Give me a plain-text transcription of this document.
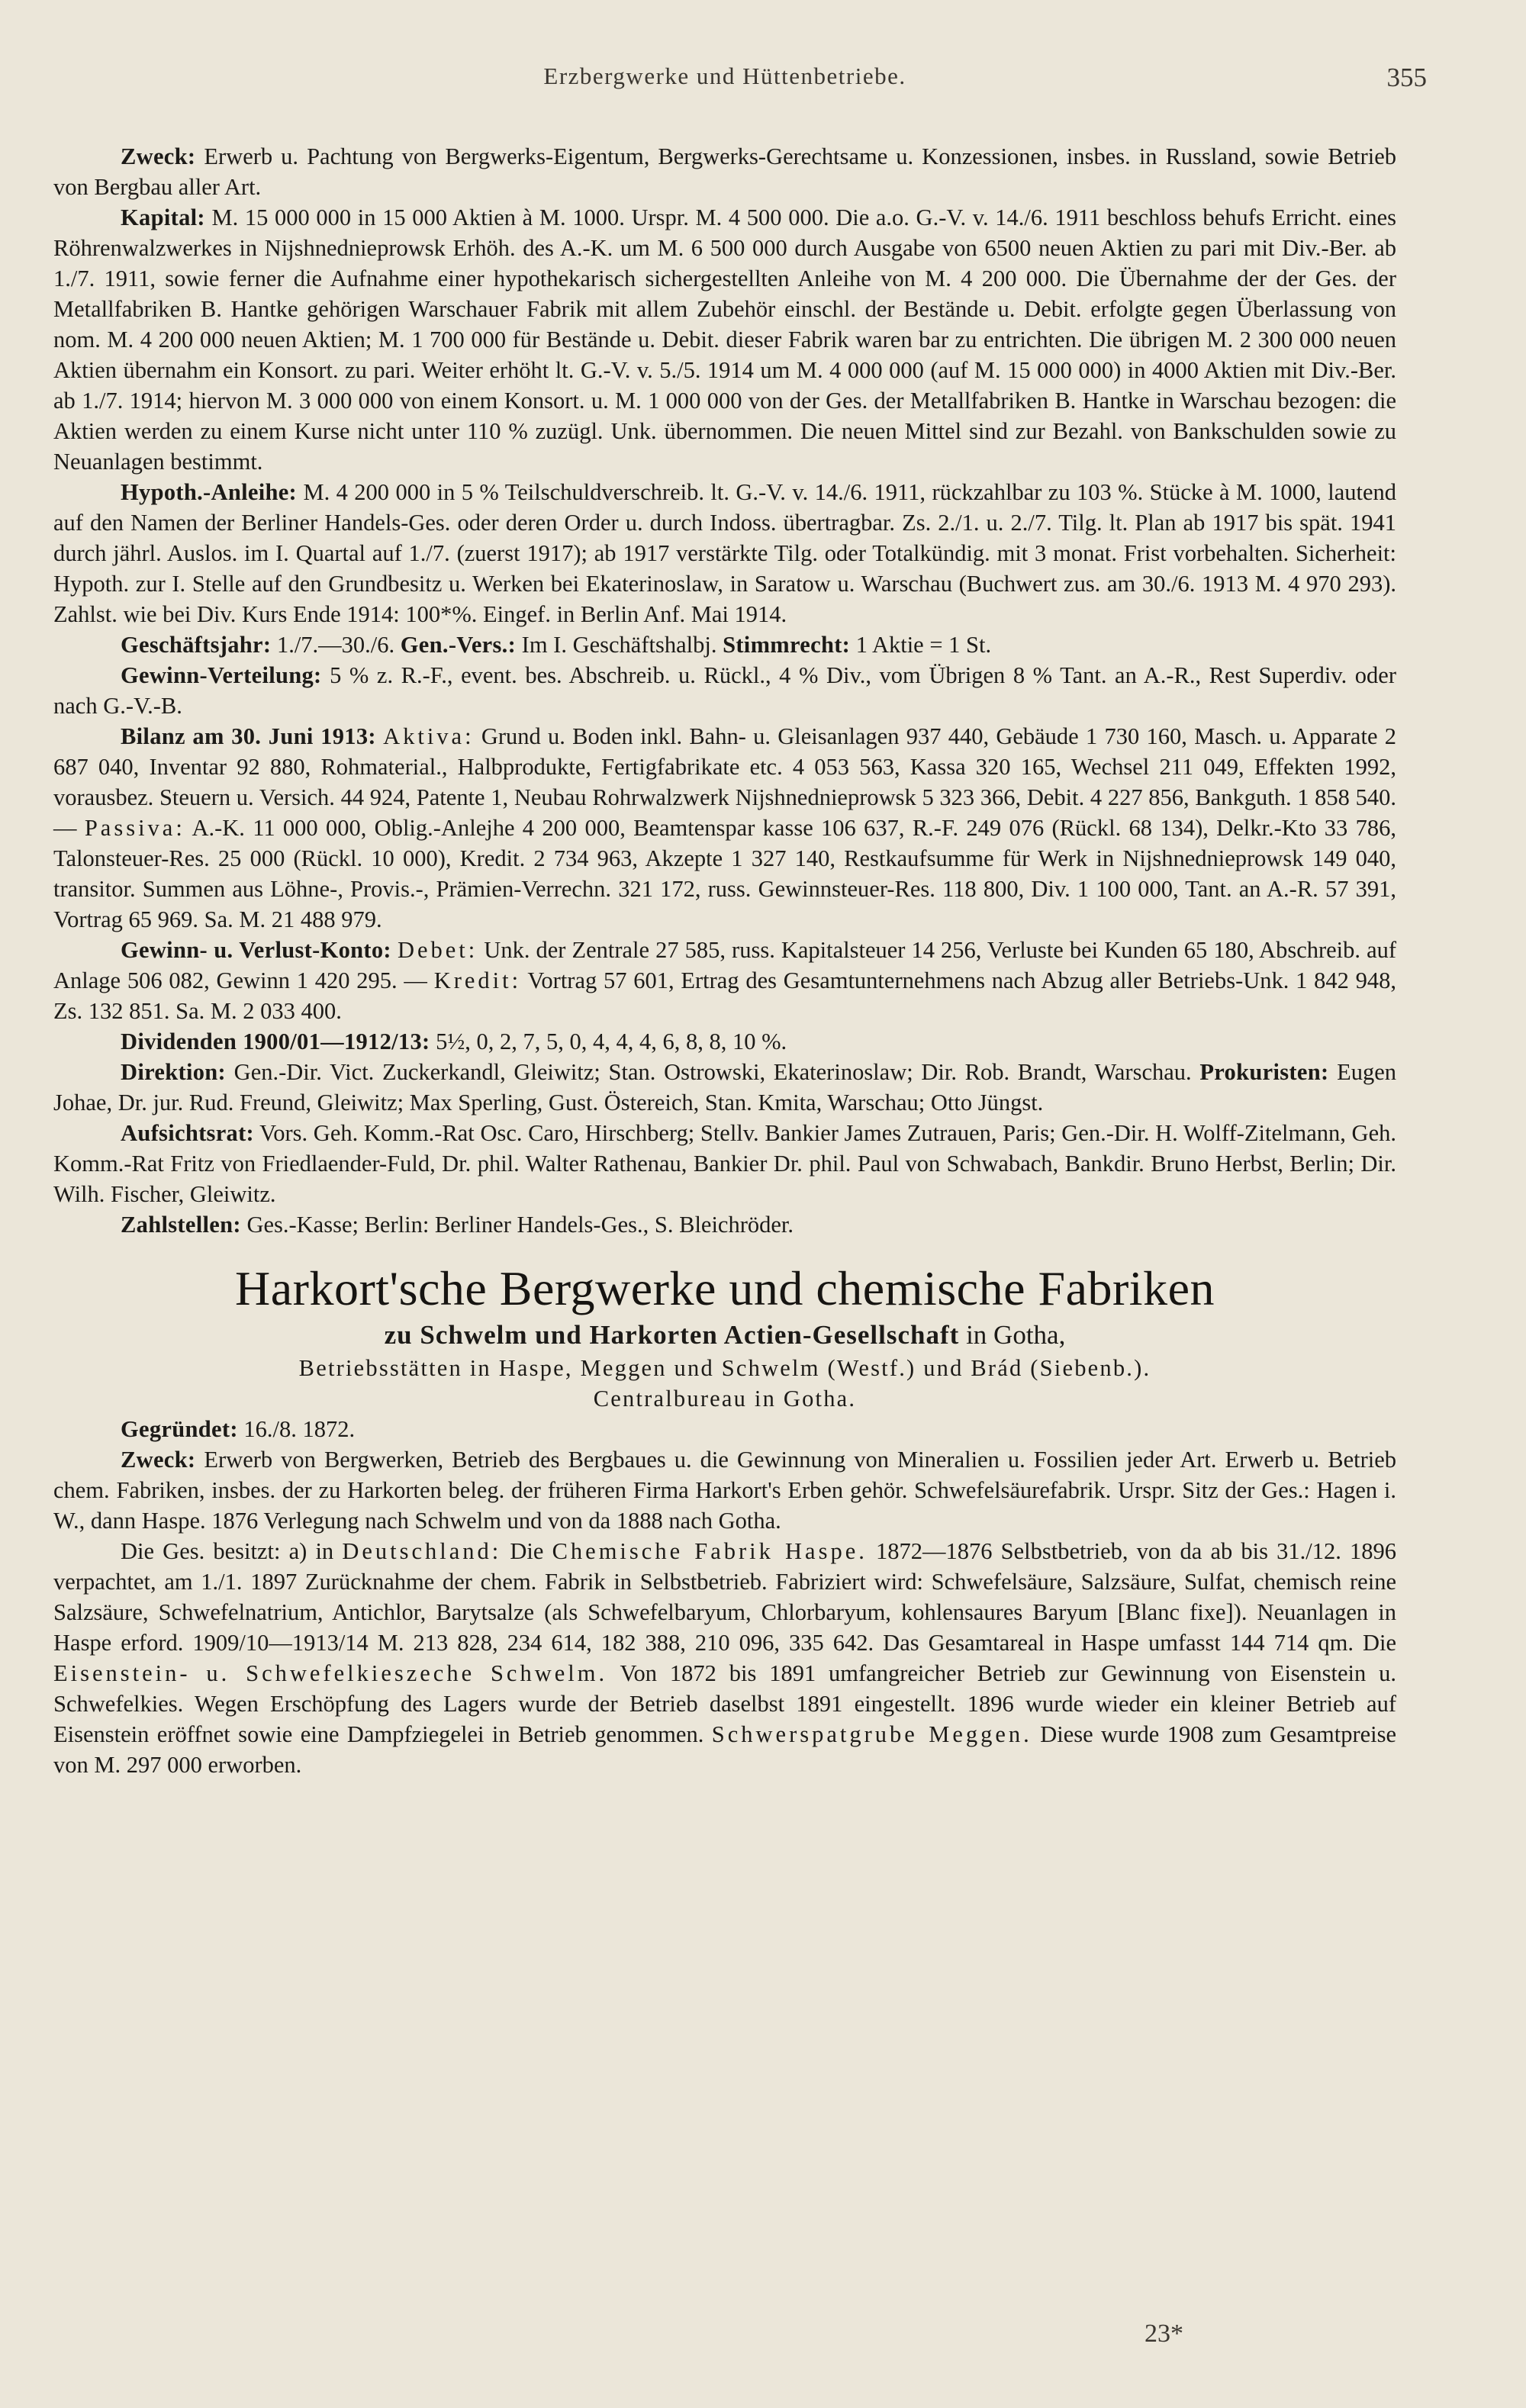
Erzbergwerke und Hüttenbetriebe.	355

Zweck: Erwerb u. Pachtung von Bergwerks-Eigentum, Bergwerks-Gerechtsame u. Konzessionen, insbes. in Russland, sowie Betrieb von Bergbau aller Art.

Kapital: M. 15 000 000 in 15 000 Aktien à M. 1000. Urspr. M. 4 500 000. Die a.o. G.-V. v. 14./6. 1911 beschloss behufs Erricht. eines Röhrenwalzwerkes in Nijshnednieprowsk Erhöh. des A.-K. um M. 6 500 000 durch Ausgabe von 6500 neuen Aktien zu pari mit Div.-Ber. ab 1./7. 1911, sowie ferner die Aufnahme einer hypothekarisch sichergestellten Anleihe von M. 4 200 000. Die Übernahme der der Ges. der Metallfabriken B. Hantke gehörigen Warschauer Fabrik mit allem Zubehör einschl. der Bestände u. Debit. erfolgte gegen Überlassung von nom. M. 4 200 000 neuen Aktien; M. 1 700 000 für Bestände u. Debit. dieser Fabrik waren bar zu entrichten. Die übrigen M. 2 300 000 neuen Aktien übernahm ein Konsort. zu pari. Weiter erhöht lt. G.-V. v. 5./5. 1914 um M. 4 000 000 (auf M. 15 000 000) in 4000 Aktien mit Div.-Ber. ab 1./7. 1914; hiervon M. 3 000 000 von einem Konsort. u. M. 1 000 000 von der Ges. der Metallfabriken B. Hantke in Warschau bezogen: die Aktien werden zu einem Kurse nicht unter 110 % zuzügl. Unk. übernommen. Die neuen Mittel sind zur Bezahl. von Bankschulden sowie zu Neuanlagen bestimmt.

Hypoth.-Anleihe: M. 4 200 000 in 5 % Teilschuldverschreib. lt. G.-V. v. 14./6. 1911, rückzahlbar zu 103 %. Stücke à M. 1000, lautend auf den Namen der Berliner Handels-Ges. oder deren Order u. durch Indoss. übertragbar. Zs. 2./1. u. 2./7. Tilg. lt. Plan ab 1917 bis spät. 1941 durch jährl. Auslos. im I. Quartal auf 1./7. (zuerst 1917); ab 1917 verstärkte Tilg. oder Totalkündig. mit 3 monat. Frist vorbehalten. Sicherheit: Hypoth. zur I. Stelle auf den Grundbesitz u. Werken bei Ekaterinoslaw, in Saratow u. Warschau (Buchwert zus. am 30./6. 1913 M. 4 970 293). Zahlst. wie bei Div. Kurs Ende 1914: 100*%. Eingef. in Berlin Anf. Mai 1914.

Geschäftsjahr: 1./7.—30./6. Gen.-Vers.: Im I. Geschäftshalbj. Stimmrecht: 1 Aktie = 1 St.

Gewinn-Verteilung: 5 % z. R.-F., event. bes. Abschreib. u. Rückl., 4 % Div., vom Übrigen 8 % Tant. an A.-R., Rest Superdiv. oder nach G.-V.-B.

Bilanz am 30. Juni 1913: Aktiva: Grund u. Boden inkl. Bahn- u. Gleisanlagen 937 440, Gebäude 1 730 160, Masch. u. Apparate 2 687 040, Inventar 92 880, Rohmaterial., Halbprodukte, Fertigfabrikate etc. 4 053 563, Kassa 320 165, Wechsel 211 049, Effekten 1992, vorausbez. Steuern u. Versich. 44 924, Patente 1, Neubau Rohrwalzwerk Nijshnednieprowsk 5 323 366, Debit. 4 227 856, Bankguth. 1 858 540. — Passiva: A.-K. 11 000 000, Oblig.-Anlejhe 4 200 000, Beamtenspar kasse 106 637, R.-F. 249 076 (Rückl. 68 134), Delkr.-Kto 33 786, Talonsteuer-Res. 25 000 (Rückl. 10 000), Kredit. 2 734 963, Akzepte 1 327 140, Restkaufsumme für Werk in Nijshnednieprowsk 149 040, transitor. Summen aus Löhne-, Provis.-, Prämien-Verrechn. 321 172, russ. Gewinnsteuer-Res. 118 800, Div. 1 100 000, Tant. an A.-R. 57 391, Vortrag 65 969. Sa. M. 21 488 979.

Gewinn- u. Verlust-Konto: Debet: Unk. der Zentrale 27 585, russ. Kapitalsteuer 14 256, Verluste bei Kunden 65 180, Abschreib. auf Anlage 506 082, Gewinn 1 420 295. — Kredit: Vortrag 57 601, Ertrag des Gesamtunternehmens nach Abzug aller Betriebs-Unk. 1 842 948, Zs. 132 851. Sa. M. 2 033 400.

Dividenden 1900/01—1912/13: 5½, 0, 2, 7, 5, 0, 4, 4, 4, 6, 8, 8, 10 %.

Direktion: Gen.-Dir. Vict. Zuckerkandl, Gleiwitz; Stan. Ostrowski, Ekaterinoslaw; Dir. Rob. Brandt, Warschau. Prokuristen: Eugen Johae, Dr. jur. Rud. Freund, Gleiwitz; Max Sperling, Gust. Östereich, Stan. Kmita, Warschau; Otto Jüngst.

Aufsichtsrat: Vors. Geh. Komm.-Rat Osc. Caro, Hirschberg; Stellv. Bankier James Zutrauen, Paris; Gen.-Dir. H. Wolff-Zitelmann, Geh. Komm.-Rat Fritz von Friedlaender-Fuld, Dr. phil. Walter Rathenau, Bankier Dr. phil. Paul von Schwabach, Bankdir. Bruno Herbst, Berlin; Dir. Wilh. Fischer, Gleiwitz.

Zahlstellen: Ges.-Kasse; Berlin: Berliner Handels-Ges., S. Bleichröder.

Harkort'sche Bergwerke und chemische Fabriken

zu Schwelm und Harkorten Actien-Gesellschaft in Gotha,

Betriebsstätten in Haspe, Meggen und Schwelm (Westf.) und Brád (Siebenb.).

Centralbureau in Gotha.

Gegründet: 16./8. 1872.

Zweck: Erwerb von Bergwerken, Betrieb des Bergbaues u. die Gewinnung von Mineralien u. Fossilien jeder Art. Erwerb u. Betrieb chem. Fabriken, insbes. der zu Harkorten beleg. der früheren Firma Harkort's Erben gehör. Schwefelsäurefabrik. Urspr. Sitz der Ges.: Hagen i. W., dann Haspe. 1876 Verlegung nach Schwelm und von da 1888 nach Gotha.

Die Ges. besitzt: a) in Deutschland: Die Chemische Fabrik Haspe. 1872—1876 Selbstbetrieb, von da ab bis 31./12. 1896 verpachtet, am 1./1. 1897 Zurücknahme der chem. Fabrik in Selbstbetrieb. Fabriziert wird: Schwefelsäure, Salzsäure, Sulfat, chemisch reine Salzsäure, Schwefelnatrium, Antichlor, Barytsalze (als Schwefelbaryum, Chlorbaryum, kohlensaures Baryum [Blanc fixe]). Neuanlagen in Haspe erford. 1909/10—1913/14 M. 213 828, 234 614, 182 388, 210 096, 335 642. Das Gesamtareal in Haspe umfasst 144 714 qm. Die Eisenstein- u. Schwefelkieszeche Schwelm. Von 1872 bis 1891 umfangreicher Betrieb zur Gewinnung von Eisenstein u. Schwefelkies. Wegen Erschöpfung des Lagers wurde der Betrieb daselbst 1891 eingestellt. 1896 wurde wieder ein kleiner Betrieb auf Eisenstein eröffnet sowie eine Dampfziegelei in Betrieb genommen. Schwerspatgrube Meggen. Diese wurde 1908 zum Gesamtpreise von M. 297 000 erworben.

23*
